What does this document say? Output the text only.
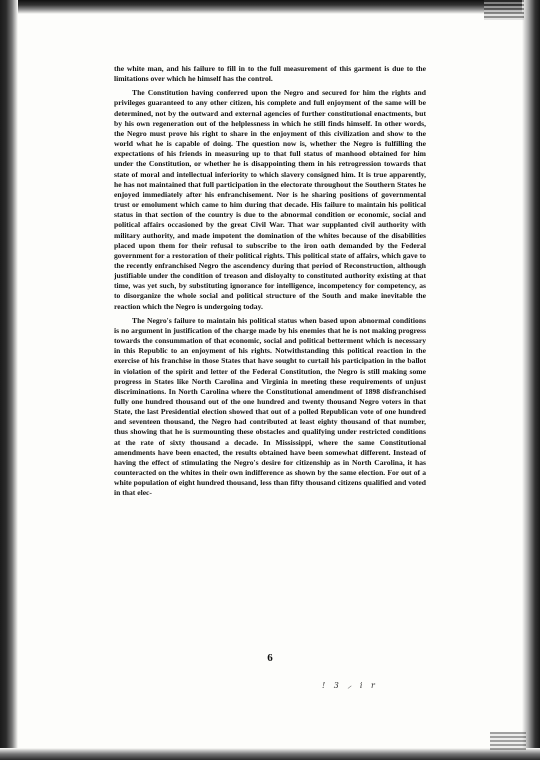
the white man, and his failure to fill in to the full measurement of this garment is due to the limitations over which he himself has the control.

The Constitution having conferred upon the Negro and secured for him the rights and privileges guaranteed to any other citizen, his complete and full enjoyment of the same will be determined, not by the outward and external agencies of further constitutional enactments, but by his own regeneration out of the helplessness in which he still finds himself. In other words, the Negro must prove his right to share in the enjoyment of this civilization and show to the world what he is capable of doing. The question now is, whether the Negro is fulfilling the expectations of his friends in measuring up to that full status of manhood obtained for him under the Constitution, or whether he is disappointing them in his retrogression towards that state of moral and intellectual inferiority to which slavery consigned him. It is true apparently, he has not maintained that full participation in the electorate throughout the Southern States he enjoyed immediately after his enfranchisement. Nor is he sharing positions of governmental trust or emolument which came to him during that decade. His failure to maintain his political status in that section of the country is due to the abnormal condition or economic, social and political affairs occasioned by the great Civil War. That war supplanted civil authority with military authority, and made impotent the domination of the whites because of the disabilities placed upon them for their refusal to subscribe to the iron oath demanded by the Federal government for a restoration of their political rights. This political state of affairs, which gave to the recently enfranchised Negro the ascendency during that period of Reconstruction, although justifiable under the condition of treason and disloyalty to constituted authority existing at that time, was yet such, by substituting ignorance for intelligence, incompetency for competency, as to disorganize the whole social and political structure of the South and make inevitable the reaction which the Negro is undergoing today.

The Negro's failure to maintain his political status when based upon abnormal conditions is no argument in justification of the charge made by his enemies that he is not making progress towards the consummation of that economic, social and political betterment which is necessary in this Republic to an enjoyment of his rights. Notwithstanding this political reaction in the exercise of his franchise in those States that have sought to curtail his participation in the ballot in violation of the spirit and letter of the Federal Constitution, the Negro is still making some progress in States like North Carolina and Virginia in meeting these requirements of unjust discriminations. In North Carolina where the Constitutional amendment of 1898 disfranchised fully one hundred thousand out of the one hundred and twenty thousand Negro voters in that State, the last Presidential election showed that out of a polled Republican vote of one hundred and seventeen thousand, the Negro had contributed at least eighty thousand of that number, thus showing that he is surmounting these obstacles and qualifying under restricted conditions at the rate of sixty thousand a decade. In Mississippi, where the same Constitutional amendments have been enacted, the results obtained have been somewhat different. Instead of having the effect of stimulating the Negro's desire for citizenship as in North Carolina, it has counteracted on the whites in their own indifference as shown by the same election. For out of a white population of eight hundred thousand, less than fifty thousand citizens qualified and voted in that elec-

6
! 3 ⸝ i r
